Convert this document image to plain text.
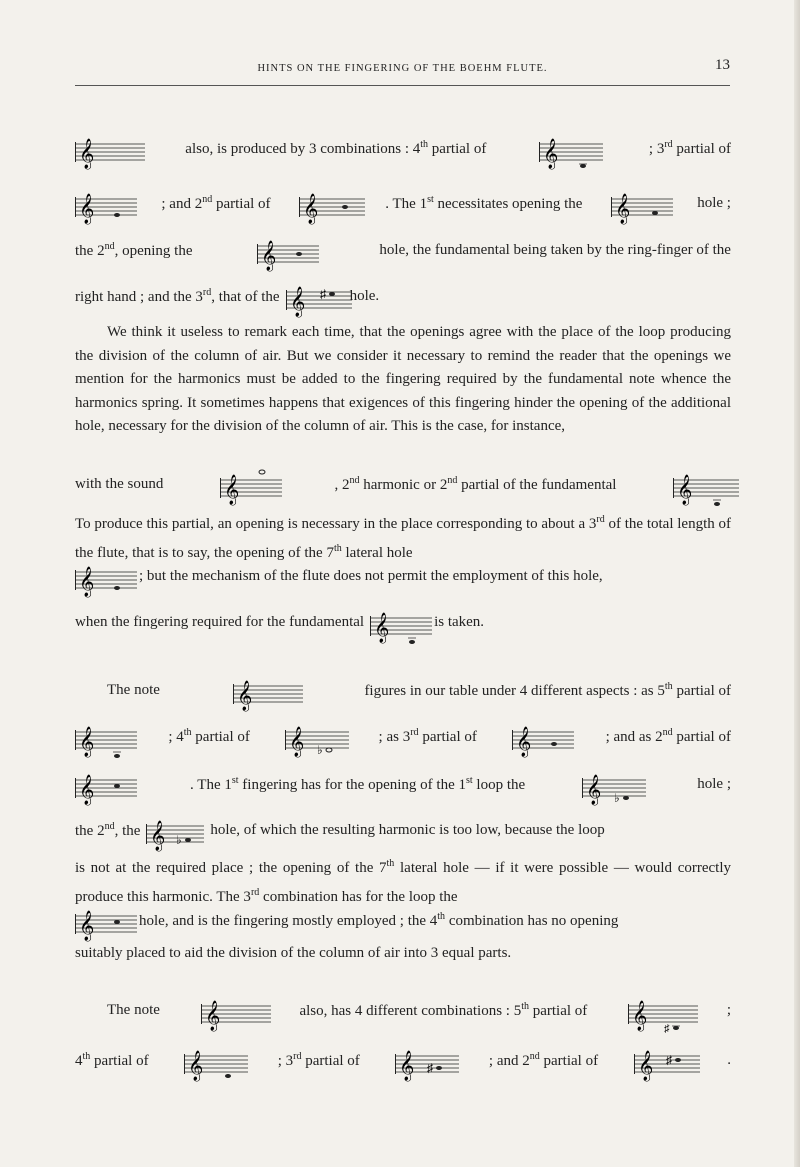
HINTS ON THE FINGERING OF THE BOEHM FLUTE.	13
𝄞	also, is produced by 3 combinations : 4th partial of 𝄞	; 3rd partial of
𝄞	; and 2nd partial of 𝄞	. The 1st necessitates opening the 𝄞	hole ;
the 2nd, opening the	𝄞	hole, the fundamental being taken by the ring-finger of the
right hand ; and the 3rd, that of the 𝄞 ♯ hole.
We think it useless to remark each time, that the openings agree with the place of the loop producing the division of the column of air. But we consider it necessary to remind the reader that the openings we mention for the harmonics must be added to the fingering required by the fundamental note whence the harmonics spring. It sometimes happens that exigences of this fingering hinder the opening of the additional hole, necessary for the division of the column of air. This is the case, for instance,
with the sound 𝄞	, 2nd harmonic or 2nd partial of the fundamental 𝄞
To produce this partial, an opening is necessary in the place corresponding to about a 3rd of the total length of the flute, that is to say, the opening of the 7th lateral hole
𝄞	; but the mechanism of the flute does not permit the employment of this hole,
when the fingering required for the fundamental 𝄞	is taken.
The note	𝄞	figures in our table under 4 different aspects : as 5th partial of
𝄞	; 4th partial of 𝄞 ♭
; as 3rd partial of 𝄞	; and as 2nd partial of
𝄞	. The 1st fingering has for the opening of the 1st loop the 𝄞 ♭
hole ;
the 2nd, the 𝄞 ♭
hole, of which the resulting harmonic is too low, because the loop
is not at the required place ; the opening of the 7th lateral hole — if it were possible — would correctly produce this harmonic. The 3rd combination has for the loop the
𝄞	hole, and is the fingering mostly employed ; the 4th combination has no opening
suitably placed to aid the division of the column of air into 3 equal parts.
The note 𝄞	also, has 4 different combinations : 5th partial of 𝄞 ♯
;
4th partial of 𝄞	; 3rd partial of 𝄞 ♯	; and 2nd partial of 𝄞 ♯	.
